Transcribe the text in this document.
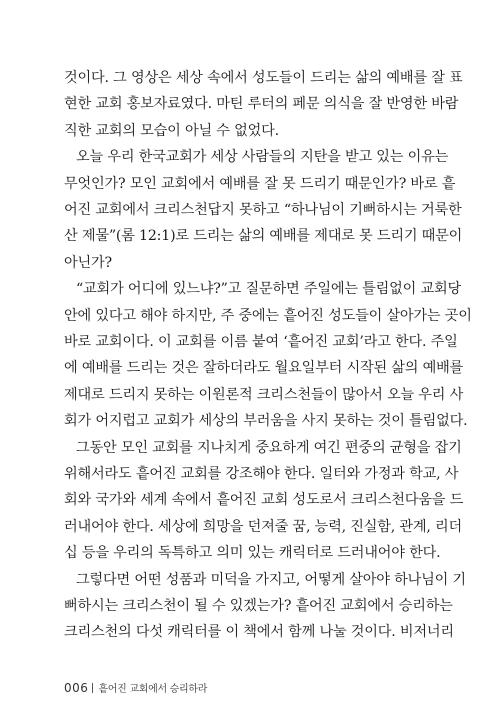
것이다. 그 영상은 세상 속에서 성도들이 드리는 삶의 예배를 잘 표
현한 교회 홍보자료였다. 마틴 루터의 페문 의식을 잘 반영한 바람
직한 교회의 모습이 아닐 수 없었다.
오늘 우리 한국교회가 세상 사람들의 지탄을 받고 있는 이유는
무엇인가? 모인 교회에서 예배를 잘 못 드리기 때문인가? 바로 흩
어진 교회에서 크리스천답지 못하고 “하나님이 기뻐하시는 거룩한
산 제물”(롬 12:1)로 드리는 삶의 예배를 제대로 못 드리기 때문이
아닌가?
“교회가 어디에 있느냐?”고 질문하면 주일에는 틀림없이 교회당
안에 있다고 해야 하지만, 주 중에는 흩어진 성도들이 살아가는 곳이
바로 교회이다. 이 교회를 이름 붙여 ‘흩어진 교회’라고 한다. 주일
에 예배를 드리는 것은 잘하더라도 월요일부터 시작된 삶의 예배를
제대로 드리지 못하는 이원론적 크리스천들이 많아서 오늘 우리 사
회가 어지럽고 교회가 세상의 부러움을 사지 못하는 것이 틀림없다.
그동안 모인 교회를 지나치게 중요하게 여긴 편중의 균형을 잡기
위해서라도 흩어진 교회를 강조해야 한다. 일터와 가정과 학교, 사
회와 국가와 세계 속에서 흩어진 교회 성도로서 크리스천다움을 드
러내어야 한다. 세상에 희망을 던져줄 꿈, 능력, 진실함, 관계, 리더
십 등을 우리의 독특하고 의미 있는 캐릭터로 드러내어야 한다.
그렇다면 어떤 성품과 미덕을 가지고, 어떻게 살아야 하나님이 기
뻐하시는 크리스천이 될 수 있겠는가? 흩어진 교회에서 승리하는
크리스천의 다섯 캐릭터를 이 책에서 함께 나눌 것이다. 비저너리
006 흩어진 교회에서 승리하라
